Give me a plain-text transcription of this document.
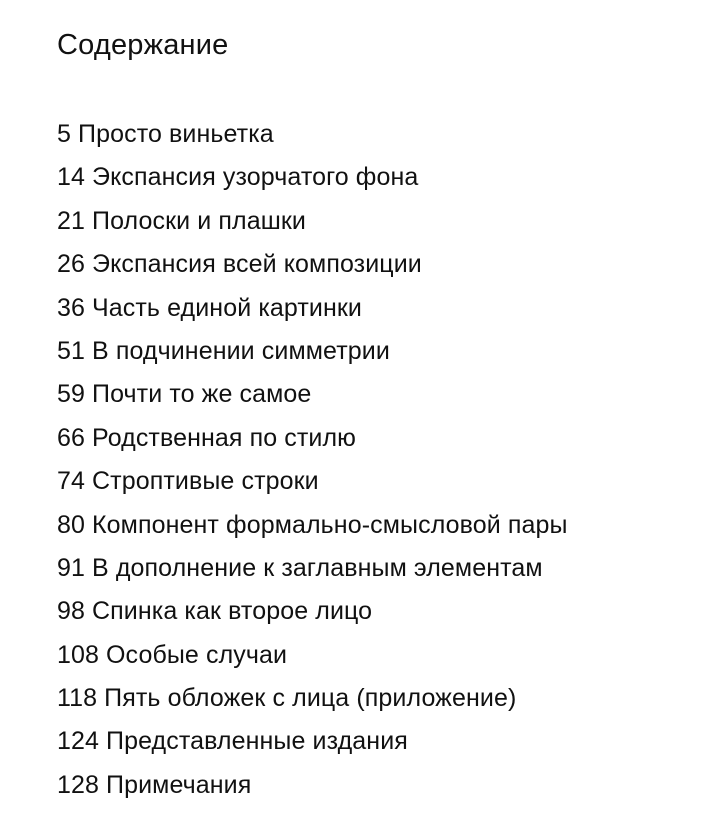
Содержание
5 Просто виньетка
14 Экспансия узорчатого фона
21 Полоски и плашки
26 Экспансия всей композиции
36 Часть единой картинки
51 В подчинении симметрии
59 Почти то же самое
66 Родственная по стилю
74 Строптивые строки
80 Компонент формально-смысловой пары
91 В дополнение к заглавным элементам
98 Спинка как второе лицо
108 Особые случаи
118 Пять обложек с лица (приложение)
124 Представленные издания
128 Примечания
